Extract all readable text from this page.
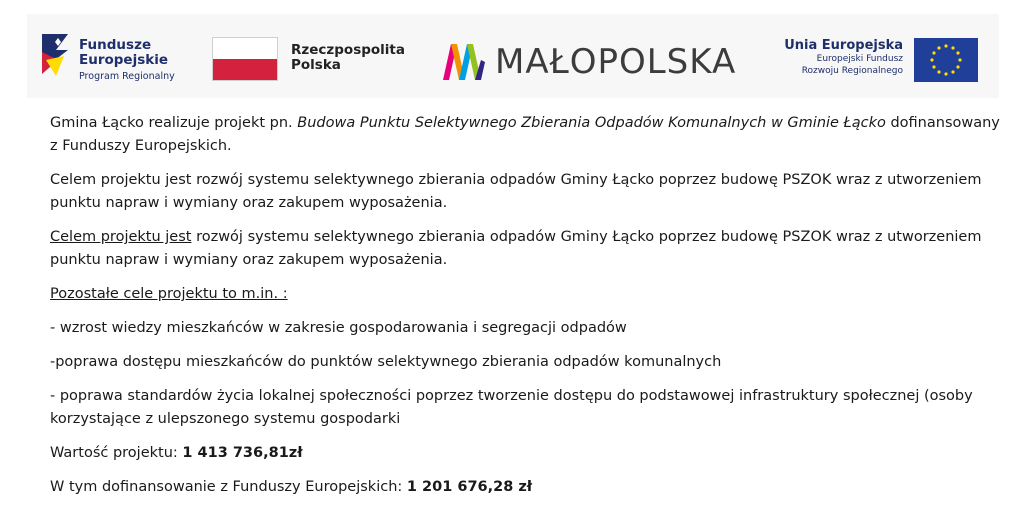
Fundusze
Europejskie
Program Regionalny
Rzeczpospolita
Polska	MAŁOPOLSKA	Unia Europejska
Europejski Fundusz
Rozwoju Regionalnego

Gmina Łącko realizuje projekt pn. Budowa Punktu Selektywnego Zbierania Odpadów Komunalnych w Gminie Łącko dofinansowany z Funduszy Europejskich.

Celem projektu jest rozwój systemu selektywnego zbierania odpadów Gminy Łącko poprzez budowę PSZOK wraz z utworzeniem punktu napraw i wymiany oraz zakupem wyposażenia.

Celem projektu jest rozwój systemu selektywnego zbierania odpadów Gminy Łącko poprzez budowę PSZOK wraz z utworzeniem punktu napraw i wymiany oraz zakupem wyposażenia.

Pozostałe cele projektu to m.in. :

- wzrost wiedzy mieszkańców w zakresie gospodarowania i segregacji odpadów

-poprawa dostępu mieszkańców do punktów selektywnego zbierania odpadów komunalnych

- poprawa standardów życia lokalnej społeczności poprzez tworzenie dostępu do podstawowej infrastruktury społecznej (osoby korzystające z ulepszonego systemu gospodarki

Wartość projektu: 1 413 736,81zł

W tym dofinansowanie z Funduszy Europejskich: 1 201 676,28 zł
